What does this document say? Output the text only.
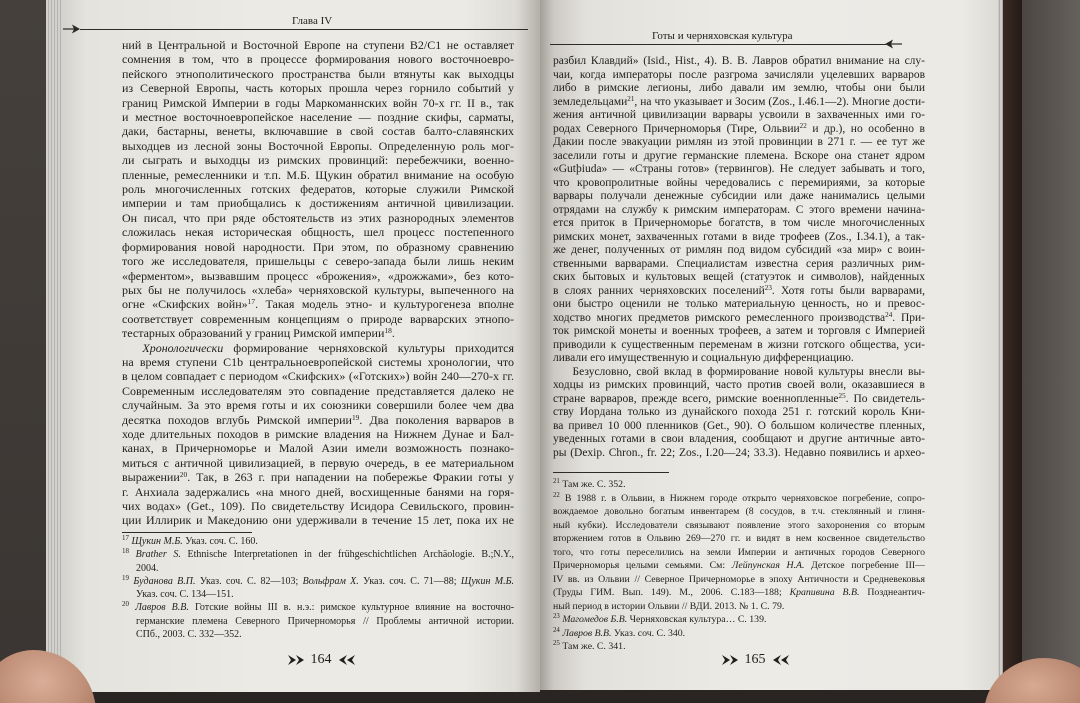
Глава IV
ний в Центральной и Восточной Европе на ступени B2/C1 не оставляет
сомнения в том, что в процессе формирования нового восточноевро-
пейского этнополитического пространства были втянуты как выходцы
из Северной Европы, часть которых прошла через горнило событий у
границ Римской Империи в годы Маркоманнских войн 70-х гг. II в., так
и местное восточноевропейское население — поздние скифы, сарматы,
даки, бастарны, венеты, включавшие в свой состав балто-славянских
выходцев из лесной зоны Восточной Европы. Определенную роль мог-
ли сыграть и выходцы из римских провинций: перебежчики, военно-
пленные, ремесленники и т.п. М.Б. Щукин обратил внимание на особую
роль многочисленных готских федератов, которые служили Римской
империи и там приобщались к достижениям античной цивилизации.
Он писал, что при ряде обстоятельств из этих разнородных элементов
сложилась некая историческая общность, шел процесс постепенного
формирования новой народности. При этом, по образному сравнению
того же исследователя, пришельцы с северо-запада были лишь неким
«ферментом», вызвавшим процесс «брожения», «дрожжами», без кото-
рых бы не получилось «хлеба» черняховской культуры, выпеченного на
огне «Скифских войн»$^{17}$. Такая модель этно- и культурогенеза вполне
соответствует современным концепциям о природе варварских этнопо-
тестарных образований у границ Римской империи$^{18}$.
Хронологически формирование черняховской культуры приходится
на время ступени C1b центральноевропейской системы хронологии, что
в целом совпадает с периодом «Скифских» («Готских») войн 240—270-х гг.
Современным исследователям это совпадение представляется далеко не
случайным. За это время готы и их союзники совершили более чем два
десятка походов вглубь Римской империи$^{19}$. Два поколения варваров в
ходе длительных походов в римские владения на Нижнем Дунае и Бал-
канах, в Причерноморье и Малой Азии имели возможность познако-
миться с античной цивилизацией, в первую очередь, в ее материальном
выражении$^{20}$. Так, в 263 г. при нападении на побережье Фракии готы у
г. Анхиала задержались «на много дней, восхищенные банями на горя-
чих водах» (Get., 109). По свидетельству Исидора Севильского, провин-
ции Иллирик и Македонию они удерживали в течение 15 лет, пока их не
$^{17}$ Щукин М.Б. Указ. соч. С. 160.
$^{18}$ Brather S. Ethnische Interpretationen in der frühgeschichtlichen Archäologie. B.;N.Y.,
2004.
$^{19}$ Буданова В.П. Указ. соч. С. 82—103; Вольфрам Х. Указ. соч. С. 71—88; Щукин М.Б.
Указ. соч. С. 134—151.
$^{20}$ Лавров В.В. Готские войны III в. н.э.: римское культурное влияние на восточно-
германские племена Северного Причерноморья // Проблемы античной истории.
СПб., 2003. С. 332—352.
164
Готы и черняховская культура
разбил Клавдий» (Isid., Hist., 4). В. В. Лавров обратил внимание на слу-
чаи, когда императоры после разгрома зачисляли уцелевших варваров
либо в римские легионы, либо давали им землю, чтобы они были
земледельцами$^{21}$, на что указывает и Зосим (Zos., I.46.1—2). Многие дости-
жения античной цивилизации варвары усвоили в захваченных ими го-
родах Северного Причерноморья (Тире, Ольвии$^{22}$ и др.), но особенно в
Дакии после эвакуации римлян из этой провинции в 271 г. — ее тут же
заселили готы и другие германские племена. Вскоре она станет ядром
«Gutþiuda» — «Страны готов» (тервингов). Не следует забывать и того,
что кровопролитные войны чередовались с перемириями, за которые
варвары получали денежные субсидии или даже нанимались целыми
отрядами на службу к римским императорам. С этого времени начина-
ется приток в Причерноморье богатств, в том числе многочисленных
римских монет, захваченных готами в виде трофеев (Zos., I.34.1), а так-
же денег, полученных от римлян под видом субсидий «за мир» с воин-
ственными варварами. Специалистам известна серия различных рим-
ских бытовых и культовых вещей (статуэток и символов), найденных
в слоях ранних черняховских поселений$^{23}$. Хотя готы были варварами,
они быстро оценили не только материальную ценность, но и превос-
ходство многих предметов римского ремесленного производства$^{24}$. При-
ток римской монеты и военных трофеев, а затем и торговля с Империей
приводили к существенным переменам в жизни готского общества, уси-
ливали его имущественную и социальную дифференциацию.
Безусловно, свой вклад в формирование новой культуры внесли вы-
ходцы из римских провинций, часто против своей воли, оказавшиеся в
стране варваров, прежде всего, римские военнопленные$^{25}$. По свидетель-
ству Иордана только из дунайского похода 251 г. готский король Кни-
ва привел 10 000 пленников (Get., 90). О большом количестве пленных,
уведенных готами в свои владения, сообщают и другие античные авто-
ры (Dexip. Chron., fr. 22; Zos., I.20—24; 33.3). Недавно появились и архео-
$^{21}$ Там же. С. 352.
$^{22}$ В 1988 г. в Ольвии, в Нижнем городе открыто черняховское погребение, сопро-
вождаемое довольно богатым инвентарем (8 сосудов, в т.ч. стеклянный и глиня-
ный кубки). Исследователи связывают появление этого захоронения со вторым
вторжением готов в Ольвию 269—270 гг. и видят в нем косвенное свидетельство
того, что готы переселились на земли Империи и античных городов Северного
Причерноморья целыми семьями. См: Лейпунская Н.А. Детское погребение III—
IV вв. из Ольвии // Северное Причерноморье в эпоху Античности и Средневековья
(Труды ГИМ. Вып. 149). М., 2006. С.183—188; Крапивина В.В. Позднеантич-
ный период в истории Ольвии // ВДИ. 2013. № 1. С. 79.
$^{23}$ Магомедов Б.В. Черняховская культура… С. 139.
$^{24}$ Лавров В.В. Указ. соч. С. 340.
$^{25}$ Там же. С. 341.
165
